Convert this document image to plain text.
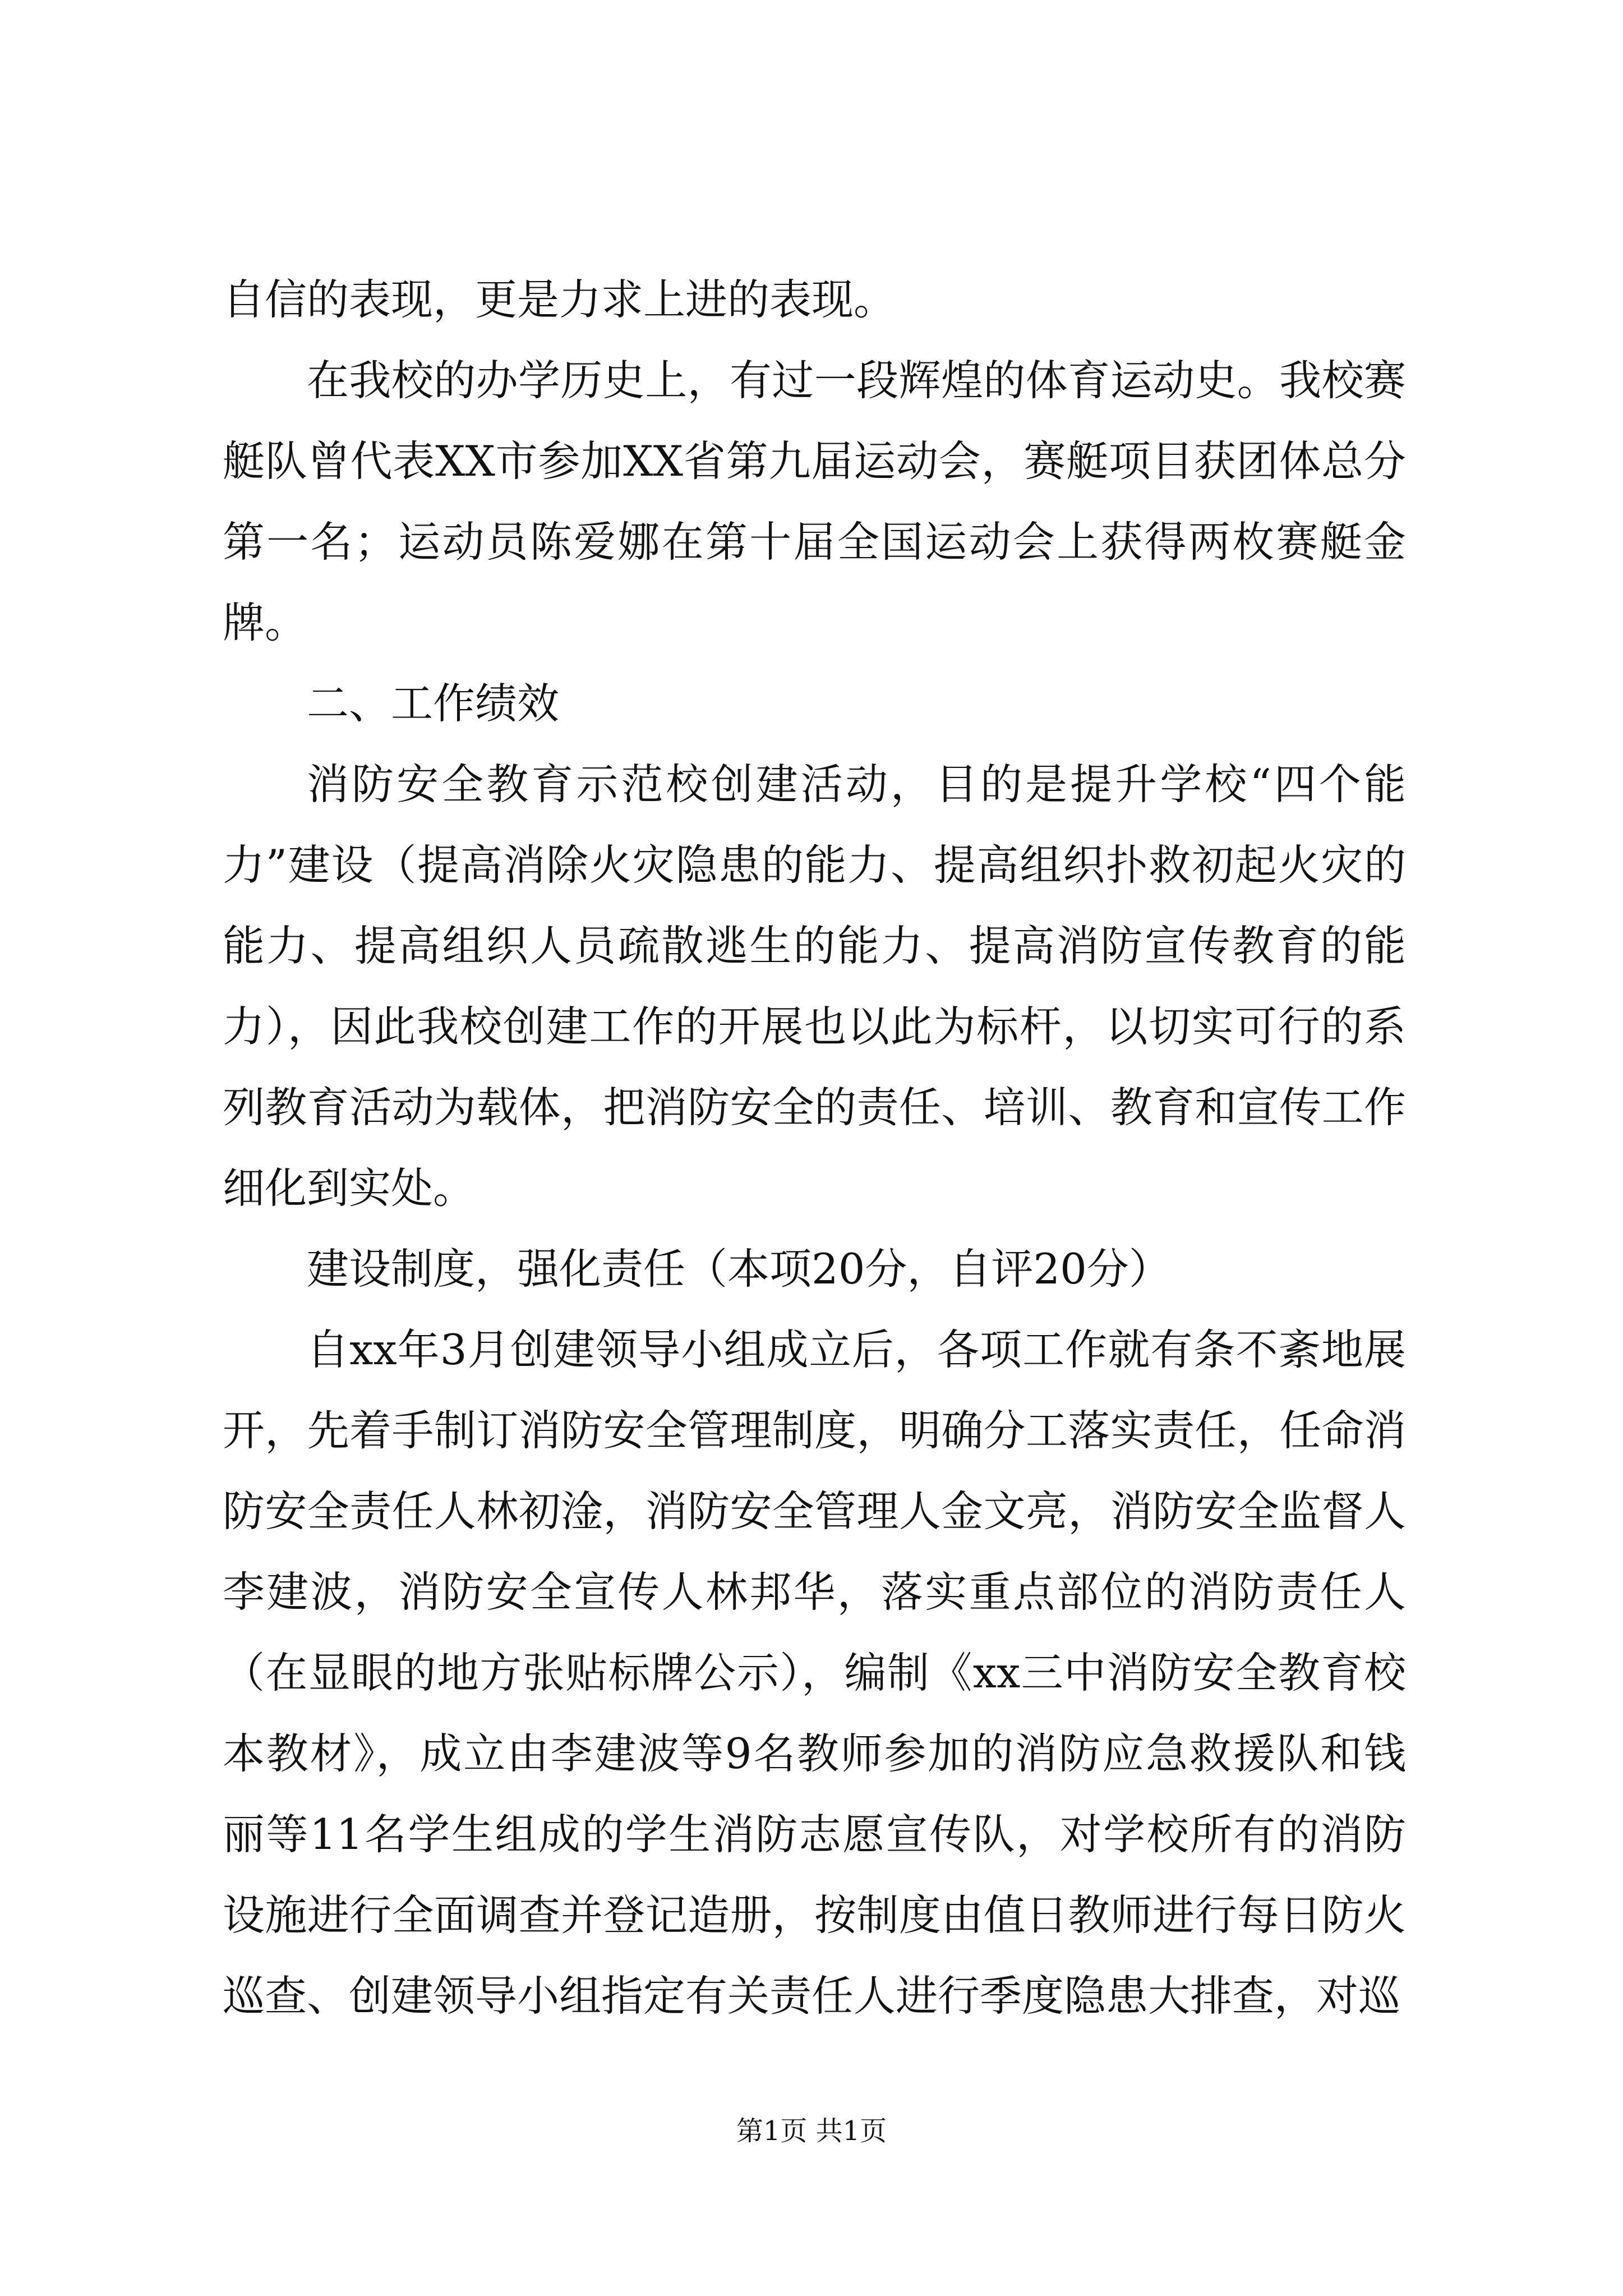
自信的表现，更是力求上进的表现。

在我校的办学历史上，有过一段辉煌的体育运动史。我校赛艇队曾代表XX市参加XX省第九届运动会，赛艇项目获团体总分第一名；运动员陈爱娜在第十届全国运动会上获得两枚赛艇金牌。

二、工作绩效

消防安全教育示范校创建活动，目的是提升学校“四个能力”建设（提高消除火灾隐患的能力、提高组织扑救初起火灾的能力、提高组织人员疏散逃生的能力、提高消防宣传教育的能力），因此我校创建工作的开展也以此为标杆，以切实可行的系列教育活动为载体，把消防安全的责任、培训、教育和宣传工作细化到实处。

建设制度，强化责任（本项20分，自评20分）

自xx年3月创建领导小组成立后，各项工作就有条不紊地展开，先着手制订消防安全管理制度，明确分工落实责任，任命消防安全责任人林初淦，消防安全管理人金文亮，消防安全监督人李建波，消防安全宣传人林邦华，落实重点部位的消防责任人（在显眼的地方张贴标牌公示），编制《xx三中消防安全教育校本教材》，成立由李建波等9名教师参加的消防应急救援队和钱丽等11名学生组成的学生消防志愿宣传队，对学校所有的消防设施进行全面调查并登记造册，按制度由值日教师进行每日防火巡查、创建领导小组指定有关责任人进行季度隐患大排查，对巡

第1页 共1页
